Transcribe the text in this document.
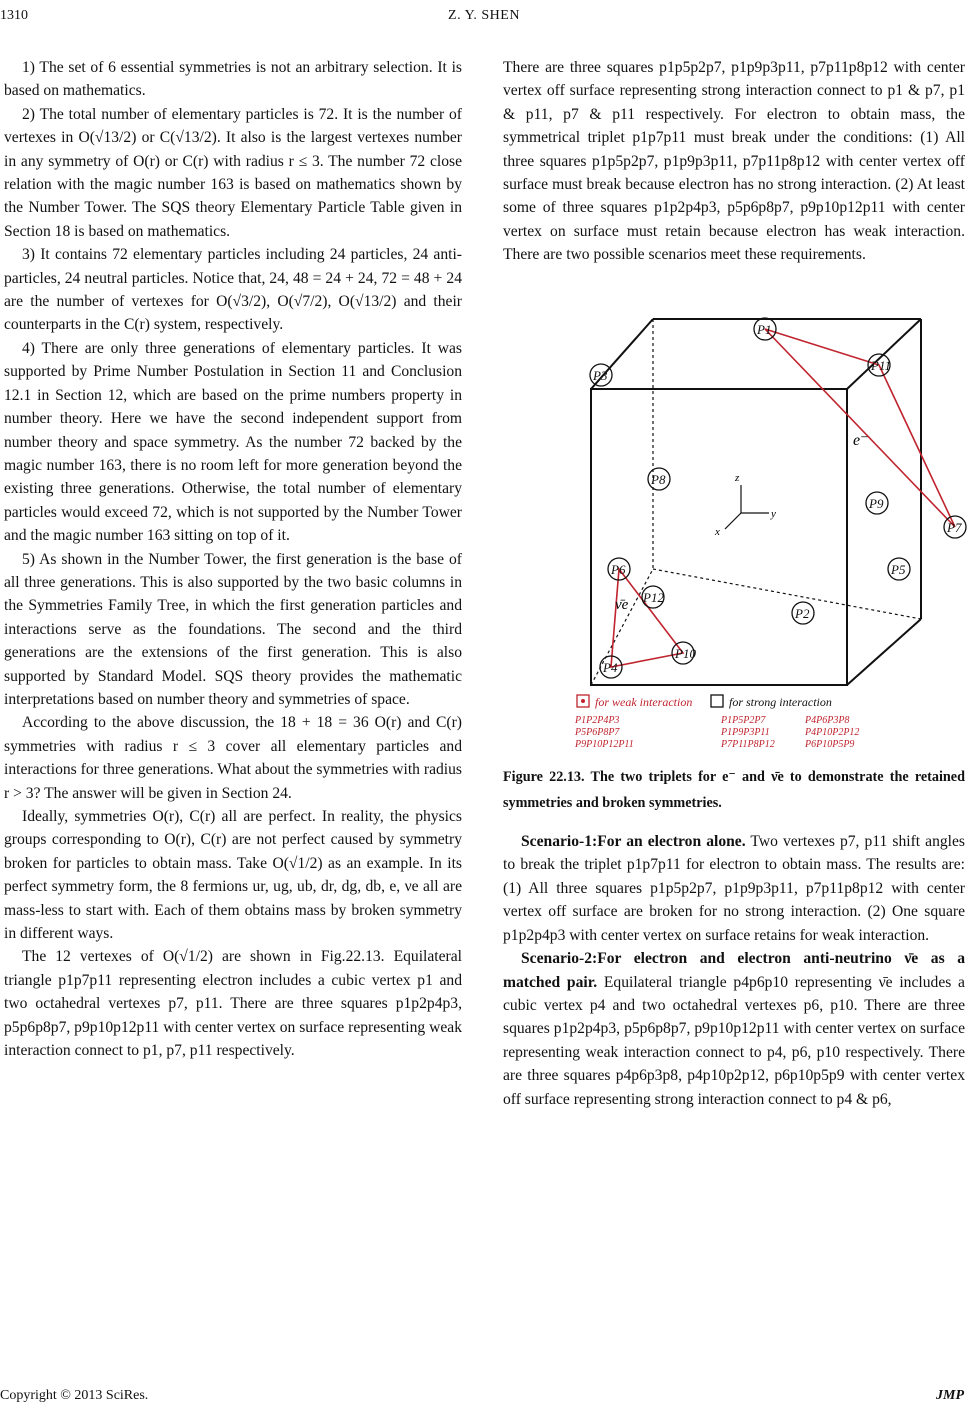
1310	Z. Y. SHEN

1) The set of 6 essential symmetries is not an arbitrary selection. It is based on mathematics.

2) The total number of elementary particles is 72. It is the number of vertexes in O(√13/2) or C(√13/2). It also is the largest vertexes number in any symmetry of O(r) or C(r) with radius r ≤ 3. The number 72 close relation with the magic number 163 is based on mathematics shown by the Number Tower. The SQS theory Elementary Particle Table given in Section 18 is based on mathematics.

3) It contains 72 elementary particles including 24 particles, 24 anti-particles, 24 neutral particles. Notice that, 24, 48 = 24 + 24, 72 = 48 + 24 are the number of vertexes for O(√3/2), O(√7/2), O(√13/2) and their counterparts in the C(r) system, respectively.

4) There are only three generations of elementary particles. It was supported by Prime Number Postulation in Section 11 and Conclusion 12.1 in Section 12, which are based on the prime numbers property in number theory. Here we have the second independent support from number theory and space symmetry. As the number 72 backed by the magic number 163, there is no room left for more generation beyond the existing three generations. Otherwise, the total number of elementary particles would exceed 72, which is not supported by the Number Tower and the magic number 163 sitting on top of it.

5) As shown in the Number Tower, the first generation is the base of all three generations. This is also supported by the two basic columns in the Symmetries Family Tree, in which the first generation particles and interactions serve as the foundations. The second and the third generations are the extensions of the first generation. This is also supported by Standard Model. SQS theory provides the mathematic interpretations based on number theory and symmetries of space.

According to the above discussion, the 18 + 18 = 36 O(r) and C(r) symmetries with radius r ≤ 3 cover all elementary particles and interactions for three generations. What about the symmetries with radius r > 3? The answer will be given in Section 24.

Ideally, symmetries O(r), C(r) all are perfect. In reality, the physics groups corresponding to O(r), C(r) are not perfect caused by symmetry broken for particles to obtain mass. Take O(√1/2) as an example. In its perfect symmetry form, the 8 fermions ur, ug, ub, dr, dg, db, e, νe all are mass-less to start with. Each of them obtains mass by broken symmetry in different ways.

The 12 vertexes of O(√1/2) are shown in Fig.22.13. Equilateral triangle p1p7p11 representing electron includes a cubic vertex p1 and two octahedral vertexes p7, p11. There are three squares p1p2p4p3, p5p6p8p7, p9p10p12p11 with center vertex on surface representing weak interaction connect to p1, p7, p11 respectively.

There are three squares p1p5p2p7, p1p9p3p11, p7p11p8p12 with center vertex off surface representing strong interaction connect to p1 & p7, p1 & p11, p7 & p11 respectively. For electron to obtain mass, the symmetrical triplet p1p7p11 must break under the conditions: (1) All three squares p1p5p2p7, p1p9p3p11, p7p11p8p12 with center vertex off surface must break because electron has no strong interaction. (2) At least some of three squares p1p2p4p3, p5p6p8p7, p9p10p12p11 with center vertex on surface must retain because electron has weak interaction. There are two possible scenarios meet these requirements.

P1
P11
P7
P3
P6
P4
P10
P8
P9
P5
P12
P2
e⁻
ν̄e
z
y
x
for weak interaction	for strong interaction
P1P2P4P3
P5P6P8P7
P9P10P12P11
P1P5P2P7
P1P9P3P11
P7P11P8P12
P4P6P3P8
P4P10P2P12
P6P10P5P9
Figure 22.13. The two triplets for e⁻ and ν̄e to demonstrate the retained symmetries and broken symmetries.

Scenario-1:For an electron alone. Two vertexes p7, p11 shift angles to break the triplet p1p7p11 for electron to obtain mass. The results are: (1) All three squares p1p5p2p7, p1p9p3p11, p7p11p8p12 with center vertex off surface are broken for no strong interaction. (2) One square p1p2p4p3 with center vertex on surface retains for weak interaction.

Scenario-2:For electron and electron anti-neutrino ν̄e as a matched pair. Equilateral triangle p4p6p10 representing ν̄e includes a cubic vertex p4 and two octahedral vertexes p6, p10. There are three squares p1p2p4p3, p5p6p8p7, p9p10p12p11 with center vertex on surface representing weak interaction connect to p4, p6, p10 respectively. There are three squares p4p6p3p8, p4p10p2p12, p6p10p5p9 with center vertex off surface representing strong interaction connect to p4 & p6,

Copyright © 2013 SciRes.	JMP
